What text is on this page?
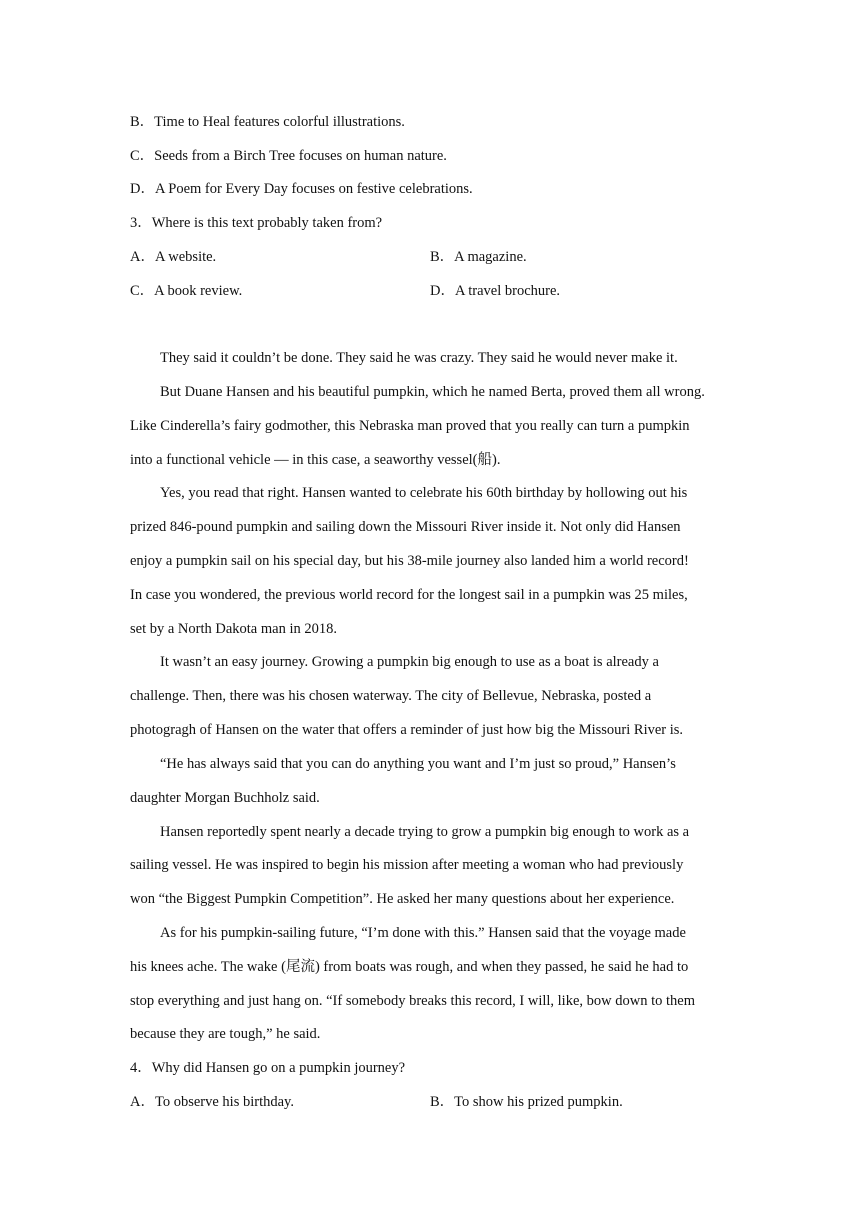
B．Time to Heal features colorful illustrations.
C．Seeds from a Birch Tree focuses on human nature.
D．A Poem for Every Day focuses on festive celebrations.
3．Where is this text probably taken from?
A．A website.	B．A magazine.
C．A book review.	D．A travel brochure.
They said it couldn’t be done. They said he was crazy. They said he would never make it.
But Duane Hansen and his beautiful pumpkin, which he named Berta, proved them all wrong.
Like Cinderella’s fairy godmother, this Nebraska man proved that you really can turn a pumpkin
into a functional vehicle — in this case, a seaworthy vessel(船).
Yes, you read that right. Hansen wanted to celebrate his 60th birthday by hollowing out his
prized 846-pound pumpkin and sailing down the Missouri River inside it. Not only did Hansen
enjoy a pumpkin sail on his special day, but his 38-mile journey also landed him a world record!
In case you wondered, the previous world record for the longest sail in a pumpkin was 25 miles,
set by a North Dakota man in 2018.
It wasn’t an easy journey. Growing a pumpkin big enough to use as a boat is already a
challenge. Then, there was his chosen waterway. The city of Bellevue, Nebraska, posted a
photogragh of Hansen on the water that offers a reminder of just how big the Missouri River is.
“He has always said that you can do anything you want and I’m just so proud,” Hansen’s
daughter Morgan Buchholz said.
Hansen reportedly spent nearly a decade trying to grow a pumpkin big enough to work as a
sailing vessel. He was inspired to begin his mission after meeting a woman who had previously
won “the Biggest Pumpkin Competition”. He asked her many questions about her experience.
As for his pumpkin-sailing future, “I’m done with this.” Hansen said that the voyage made
his knees ache. The wake (尾流) from boats was rough, and when they passed, he said he had to
stop everything and just hang on. “If somebody breaks this record, I will, like, bow down to them
because they are tough,” he said.
4．Why did Hansen go on a pumpkin journey?
A．To observe his birthday.	B．To show his prized pumpkin.
